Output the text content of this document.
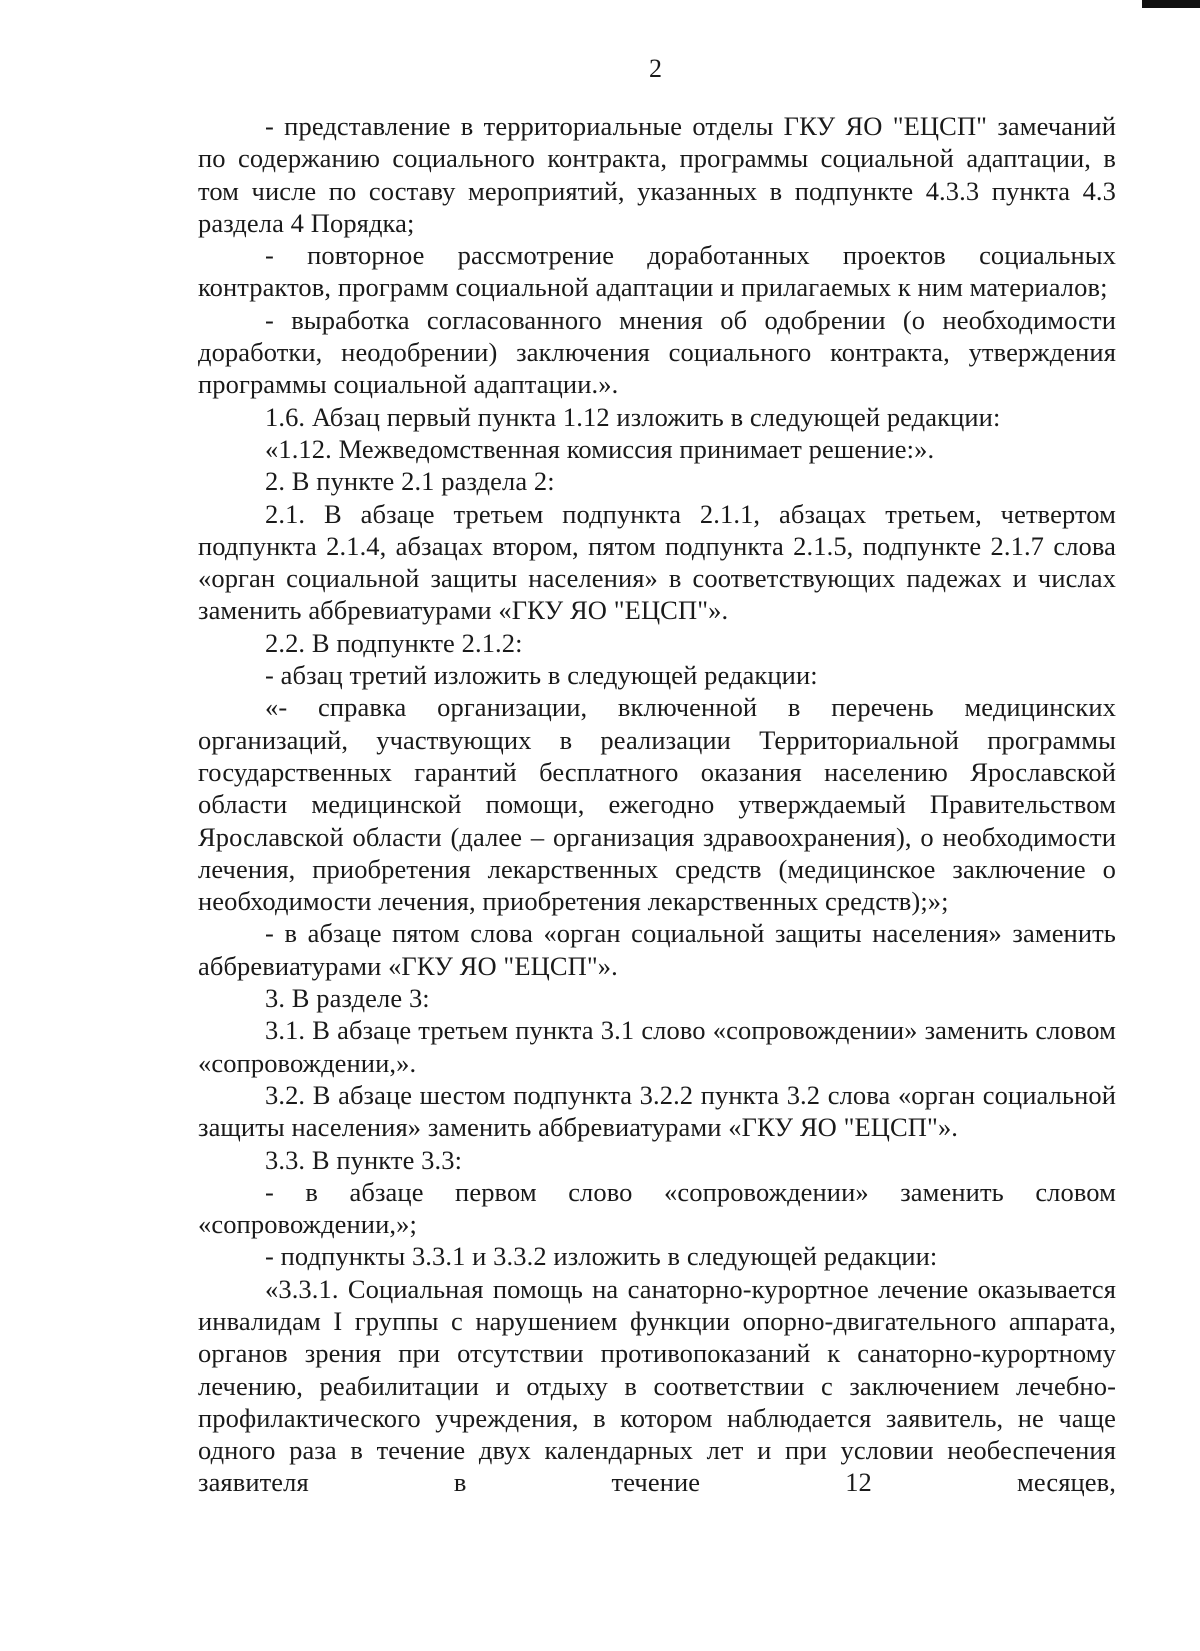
2

- представление в территориальные отделы ГКУ ЯО "ЕЦСП" замечаний по содержанию социального контракта, программы социальной адаптации, в том числе по составу мероприятий, указанных в подпункте 4.3.3 пункта 4.3 раздела 4 Порядка;

- повторное рассмотрение доработанных проектов социальных контрактов, программ социальной адаптации и прилагаемых к ним материалов;

- выработка согласованного мнения об одобрении (о необходимости доработки, неодобрении) заключения социального контракта, утверждения программы социальной адаптации.».

1.6. Абзац первый пункта 1.12 изложить в следующей редакции:

«1.12. Межведомственная комиссия принимает решение:».

2. В пункте 2.1 раздела 2:

2.1. В абзаце третьем подпункта 2.1.1, абзацах третьем, четвертом подпункта 2.1.4, абзацах втором, пятом подпункта 2.1.5, подпункте 2.1.7 слова «орган социальной защиты населения» в соответствующих падежах и числах заменить аббревиатурами «ГКУ ЯО "ЕЦСП"».

2.2. В подпункте 2.1.2:

- абзац третий изложить в следующей редакции:

«- справка организации, включенной в перечень медицинских организаций, участвующих в реализации Территориальной программы государственных гарантий бесплатного оказания населению Ярославской области медицинской помощи, ежегодно утверждаемый Правительством Ярославской области (далее – организация здравоохранения), о необходимости лечения, приобретения лекарственных средств (медицинское заключение о необходимости лечения, приобретения лекарственных средств);»;

- в абзаце пятом слова «орган социальной защиты населения» заменить аббревиатурами «ГКУ ЯО "ЕЦСП"».

3. В разделе 3:

3.1. В абзаце третьем пункта 3.1 слово «сопровождении» заменить словом «сопровождении,».

3.2. В абзаце шестом подпункта 3.2.2 пункта 3.2 слова «орган социальной защиты населения» заменить аббревиатурами «ГКУ ЯО "ЕЦСП"».

3.3. В пункте 3.3:

- в абзаце первом слово «сопровождении» заменить словом «сопровождении,»;

- подпункты 3.3.1 и 3.3.2 изложить в следующей редакции:

«3.3.1. Социальная помощь на санаторно-курортное лечение оказывается инвалидам I группы с нарушением функции опорно-двигательного аппарата, органов зрения при отсутствии противопоказаний к санаторно-курортному лечению, реабилитации и отдыху в соответствии с заключением лечебно-профилактического учреждения, в котором наблюдается заявитель, не чаще одного раза в течение двух календарных лет и при условии необеспечения заявителя в течение 12 месяцев,
